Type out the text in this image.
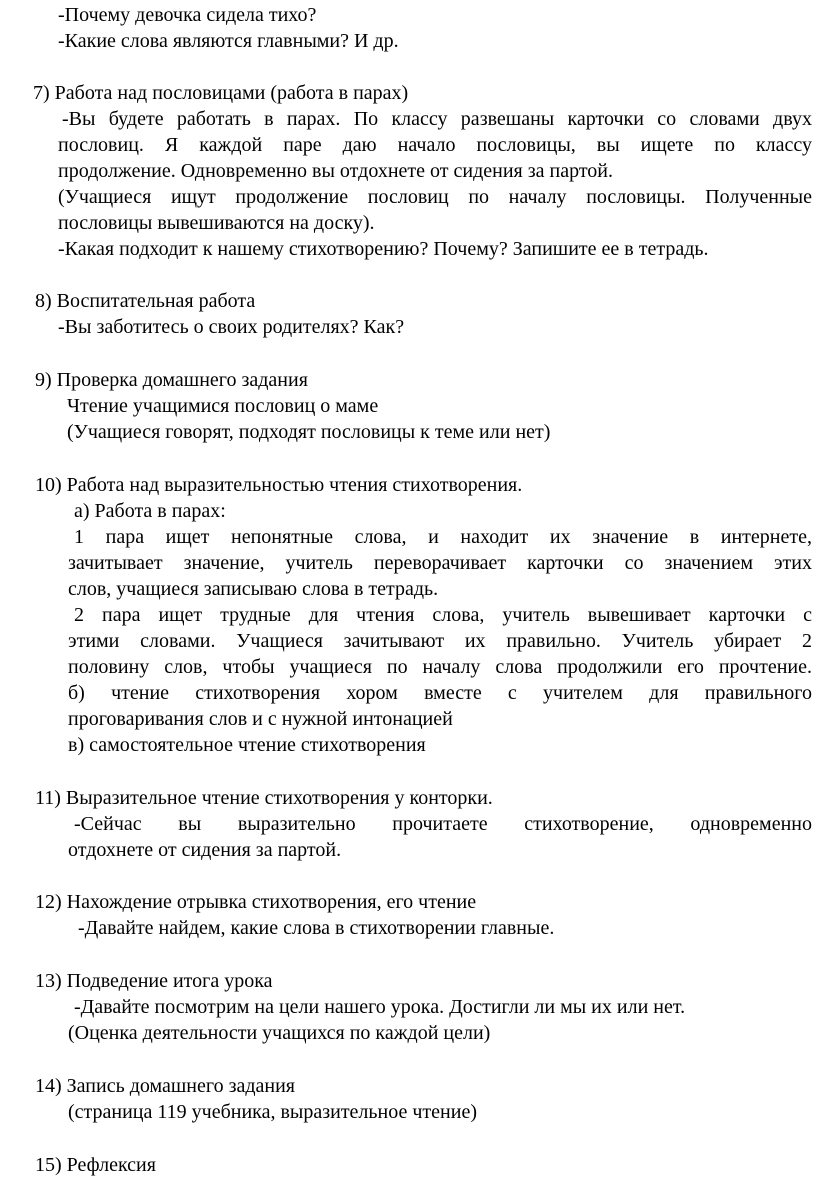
-Почему девочка сидела тихо?

-Какие слова являются главными? И др.

7) Работа над пословицами (работа в парах)

-Вы будете работать в парах. По классу развешаны карточки со словами двух

пословиц. Я каждой паре даю начало пословицы, вы ищете по классу

продолжение. Одновременно вы отдохнете от сидения за партой.

(Учащиеся ищут продолжение пословиц по началу пословицы. Полученные

пословицы вывешиваются на доску).

-Какая подходит к нашему стихотворению? Почему? Запишите ее в тетрадь.

8) Воспитательная работа

-Вы заботитесь о своих родителях? Как?

9) Проверка домашнего задания

Чтение учащимися пословиц о маме

(Учащиеся говорят, подходят пословицы к теме или нет)

10) Работа над выразительностью чтения стихотворения.

а) Работа в парах:

1 пара ищет непонятные слова, и находит их значение в интернете,

зачитывает значение, учитель переворачивает карточки со значением этих

слов, учащиеся записываю слова в тетрадь.

2 пара ищет трудные для чтения слова, учитель вывешивает карточки с

этими словами. Учащиеся зачитывают их правильно. Учитель убирает 2

половину слов, чтобы учащиеся по началу слова продолжили его прочтение.

б) чтение стихотворения хором вместе с учителем для правильного

проговаривания слов и с нужной интонацией

в) самостоятельное чтение стихотворения

11) Выразительное чтение стихотворения у конторки.

-Сейчас вы выразительно прочитаете стихотворение, одновременно

отдохнете от сидения за партой.

12) Нахождение отрывка стихотворения, его чтение

-Давайте найдем, какие слова в стихотворении главные.

13) Подведение итога урока

-Давайте посмотрим на цели нашего урока. Достигли ли мы их или нет.

(Оценка деятельности учащихся по каждой цели)

14) Запись домашнего задания

(страница 119 учебника, выразительное чтение)

15) Рефлексия
